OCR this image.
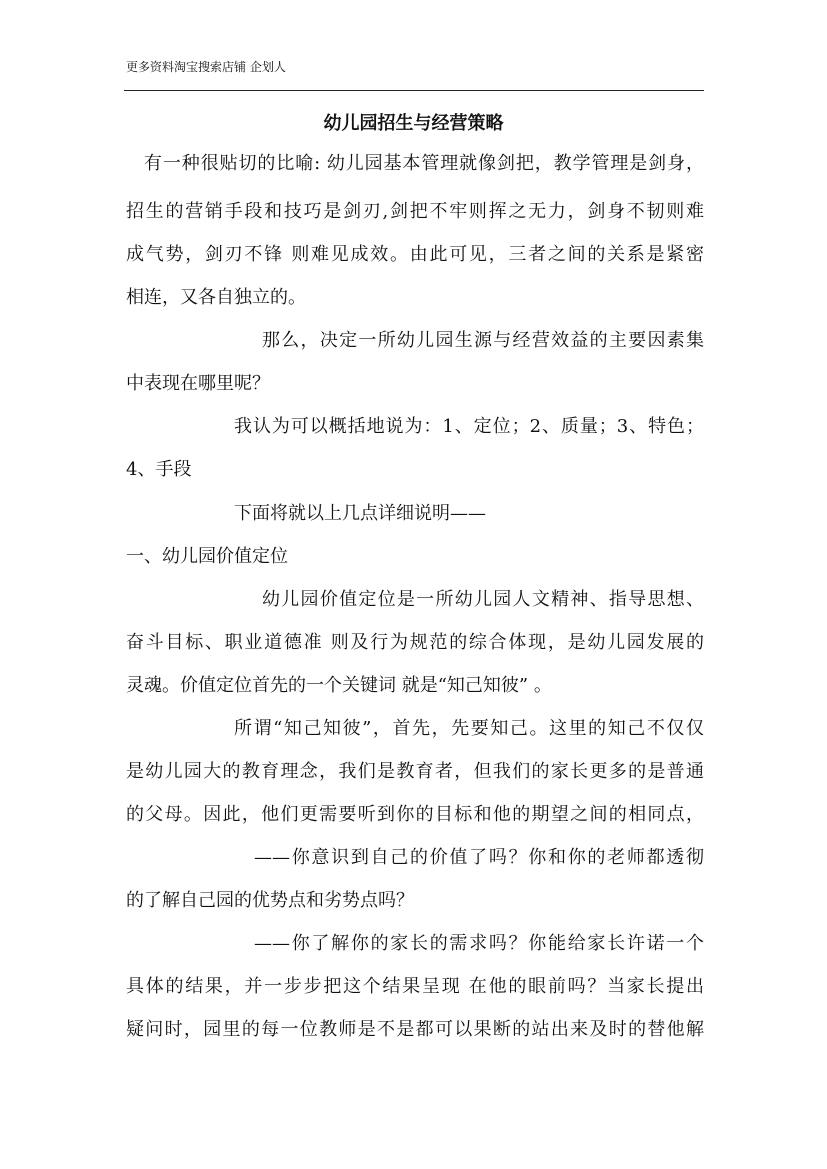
更多资料淘宝搜索店铺 企划人
幼儿园招生与经营策略
有一种很贴切的比喻: 幼儿园基本管理就像剑把，教学管理是剑身，
招生的营销手段和技巧是剑刃,剑把不牢则挥之无力，剑身不韧则难
成气势，剑刃不锋 则难见成效。由此可见，三者之间的关系是紧密
相连，又各自独立的。
那么，决定一所幼儿园生源与经营效益的主要因素集
中表现在哪里呢？
我认为可以概括地说为：1、定位；2、质量；3、特色；
4、手段
下面将就以上几点详细说明——
一、幼儿园价值定位
幼儿园价值定位是一所幼儿园人文精神、指导思想、
奋斗目标、职业道德准 则及行为规范的综合体现，是幼儿园发展的
灵魂。价值定位首先的一个关键词 就是“知己知彼” 。
所谓“知己知彼”，首先，先要知己。这里的知己不仅仅
是幼儿园大的教育理念，我们是教育者，但我们的家长更多的是普通
的父母。因此，他们更需要听到你的目标和他的期望之间的相同点，
——你意识到自己的价值了吗？你和你的老师都透彻
的了解自己园的优势点和劣势点吗？
——你了解你的家长的需求吗？你能给家长许诺一个
具体的结果，并一步步把这个结果呈现 在他的眼前吗？当家长提出
疑问时，园里的每一位教师是不是都可以果断的站出来及时的替他解
